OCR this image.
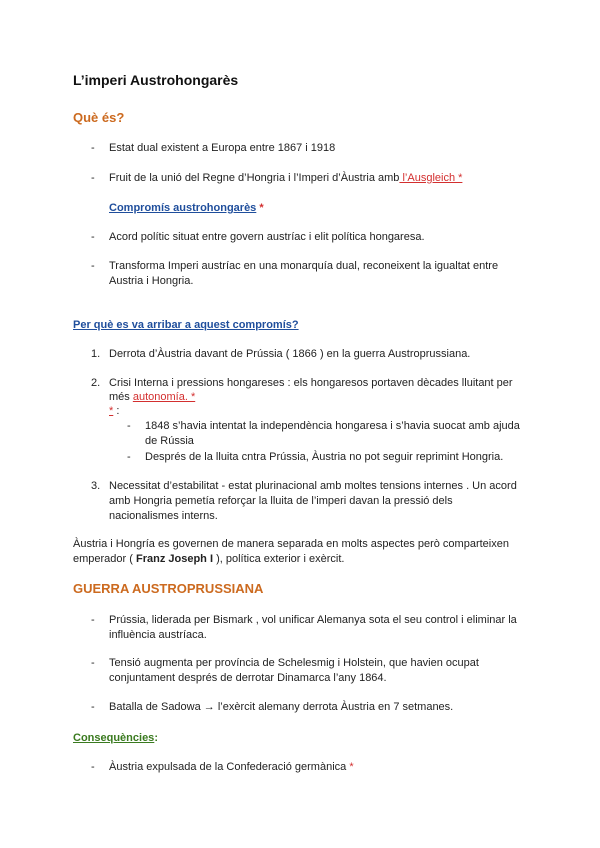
L’imperi Austrohongarès
Què és?
- Estat dual existent a Europa entre 1867 i 1918
- Fruit de la unió del Regne d’Hongria i l’Imperi d’Àustria amb l’Ausgleich *
Compromís austrohongarès *
- Acord polític situat entre govern austríac i elit política hongaresa.
- Transforma Imperi austríac en una monarquía dual, reconeixent la igualtat entre
Austria i Hongria.
Per què es va arribar a aquest compromís?
1. Derrota d’Àustria davant de Prússia ( 1866 ) en la guerra Austroprussiana.
2. Crisi Interna i pressions hongareses : els hongaresos portaven dècades lluitant per
més autonomía. *
* :
- 1848 s’havia intentat la independència hongaresa i s’havia suocat amb ajuda
de Rússia
- Després de la lluita cntra Prússia, Àustria no pot seguir reprimint Hongria.
3. Necessitat d’estabilitat - estat plurinacional amb moltes tensions internes . Un acord
amb Hongria pemetía reforçar la lluita de l’imperi davan la pressió dels
nacionalismes interns.
Àustria i Hongría es governen de manera separada en molts aspectes però comparteixen
emperador ( Franz Joseph I ), política exterior i exèrcit.
GUERRA AUSTROPRUSSIANA
- Prússia, liderada per Bismark , vol unificar Alemanya sota el seu control i eliminar la
influència austríaca.
- Tensió augmenta per província de Schelesmig i Holstein, que havien ocupat
conjuntament després de derrotar Dinamarca l’any 1864.
- Batalla de Sadowa → l’exèrcit alemany derrota Àustria en 7 setmanes.
Consequències:
- Àustria expulsada de la Confederació germànica *
